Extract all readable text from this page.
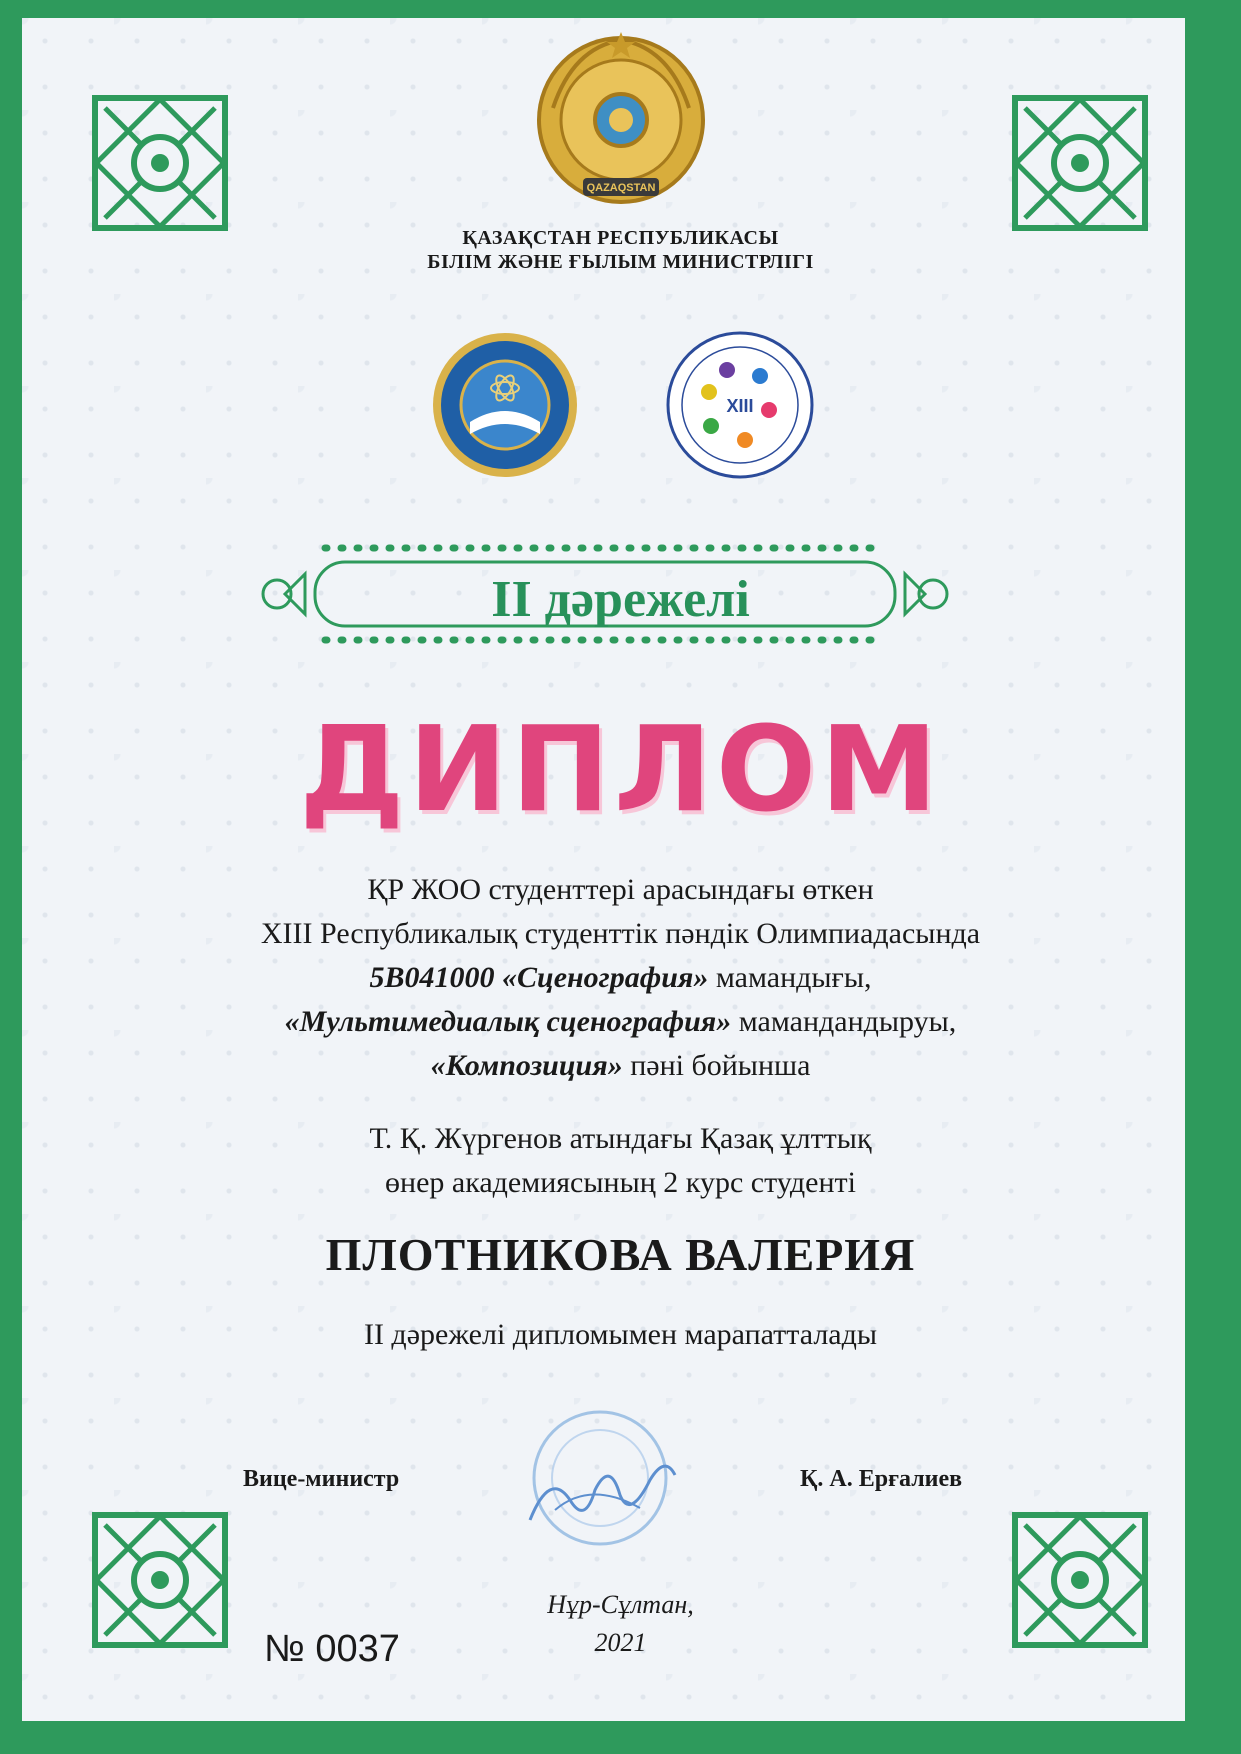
QAZAQSTAN
ҚАЗАҚСТАН РЕСПУБЛИКАСЫ
БІЛІМ ЖӘНЕ ҒЫЛЫМ МИНИСТРЛІГІ
XIII
II дәрежелі
ДИПЛОМ
ҚР ЖОО студенттері арасындағы өткен
XIII Республикалық студенттік пәндік Олимпиадасында
5В041000 «Сценография» мамандығы,
«Мультимедиалық сценография» мамандандыруы,
«Композиция» пәні бойынша
Т. Қ. Жүргенов атындағы Қазақ ұлттық
өнер академиясының 2 курс студенті
ПЛОТНИКОВА ВАЛЕРИЯ
II дәрежелі дипломымен марапатталады
Вице-министр	Қ. А. Ерғалиев
Нұр-Сұлтан,
2021
№ 0037
